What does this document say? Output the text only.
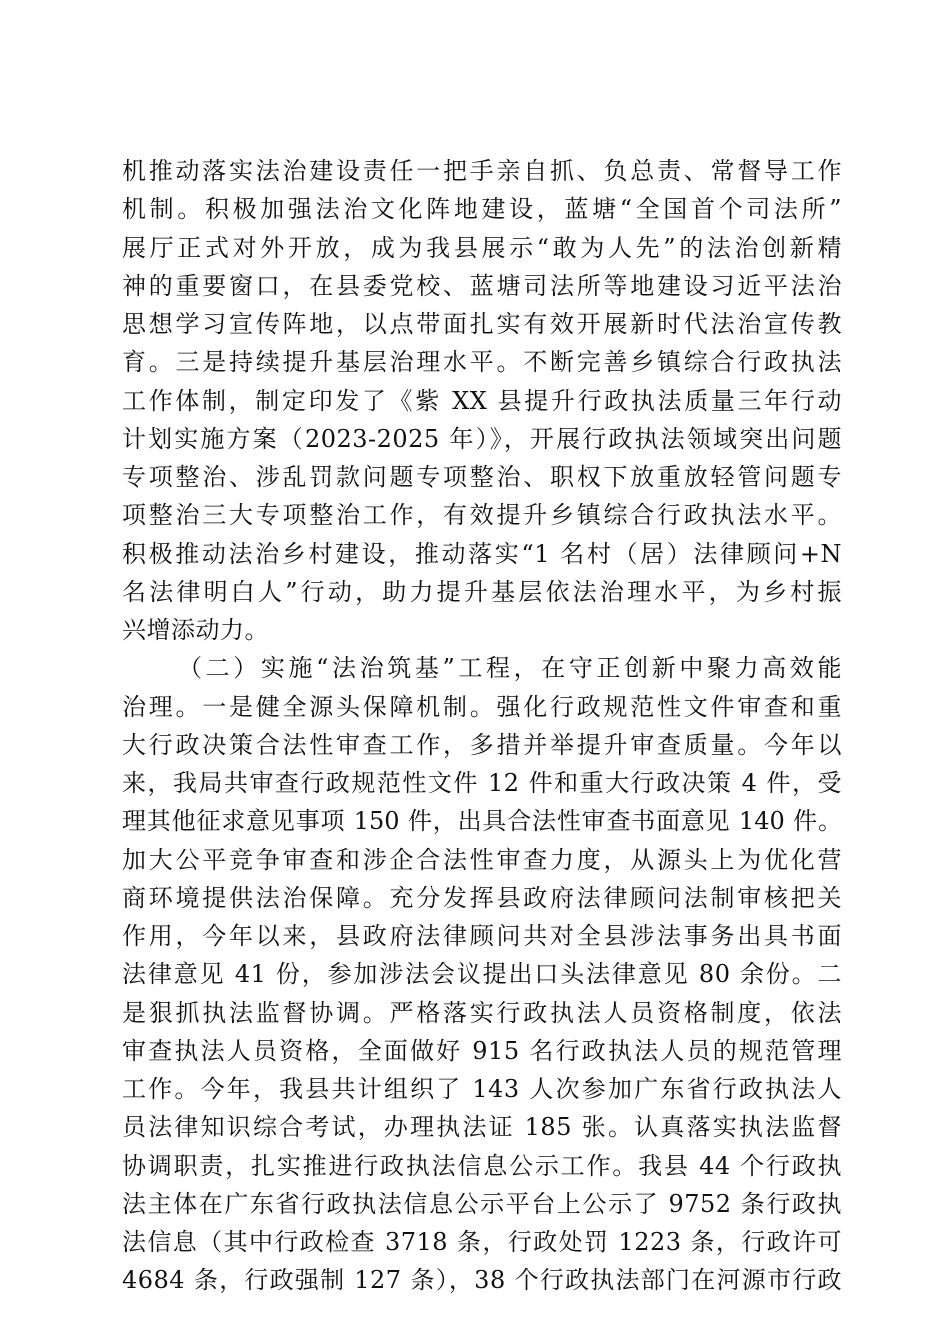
机推动落实法治建设责任一把手亲自抓、负总责、常督导工作
机制。积极加强法治文化阵地建设，蓝塘“全国首个司法所”
展厅正式对外开放，成为我县展示“敢为人先”的法治创新精
神的重要窗口，在县委党校、蓝塘司法所等地建设习近平法治
思想学习宣传阵地，以点带面扎实有效开展新时代法治宣传教
育。三是持续提升基层治理水平。不断完善乡镇综合行政执法
工作体制，制定印发了《紫 XX 县提升行政执法质量三年行动
计划实施方案（2023-2025 年）》，开展行政执法领域突出问题
专项整治、涉乱罚款问题专项整治、职权下放重放轻管问题专
项整治三大专项整治工作，有效提升乡镇综合行政执法水平。
积极推动法治乡村建设，推动落实“1 名村（居）法律顾问+N
名法律明白人”行动，助力提升基层依法治理水平，为乡村振
兴增添动力。
（二）实施“法治筑基”工程，在守正创新中聚力高效能
治理。一是健全源头保障机制。强化行政规范性文件审查和重
大行政决策合法性审查工作，多措并举提升审查质量。今年以
来，我局共审查行政规范性文件 12 件和重大行政决策 4 件，受
理其他征求意见事项 150 件，出具合法性审查书面意见 140 件。
加大公平竞争审查和涉企合法性审查力度，从源头上为优化营
商环境提供法治保障。充分发挥县政府法律顾问法制审核把关
作用，今年以来，县政府法律顾问共对全县涉法事务出具书面
法律意见 41 份，参加涉法会议提出口头法律意见 80 余份。二
是狠抓执法监督协调。严格落实行政执法人员资格制度，依法
审查执法人员资格，全面做好 915 名行政执法人员的规范管理
工作。今年，我县共计组织了 143 人次参加广东省行政执法人
员法律知识综合考试，办理执法证 185 张。认真落实执法监督
协调职责，扎实推进行政执法信息公示工作。我县 44 个行政执
法主体在广东省行政执法信息公示平台上公示了 9752 条行政执
法信息（其中行政检查 3718 条，行政处罚 1223 条，行政许可
4684 条，行政强制 127 条），38 个行政执法部门在河源市行政
